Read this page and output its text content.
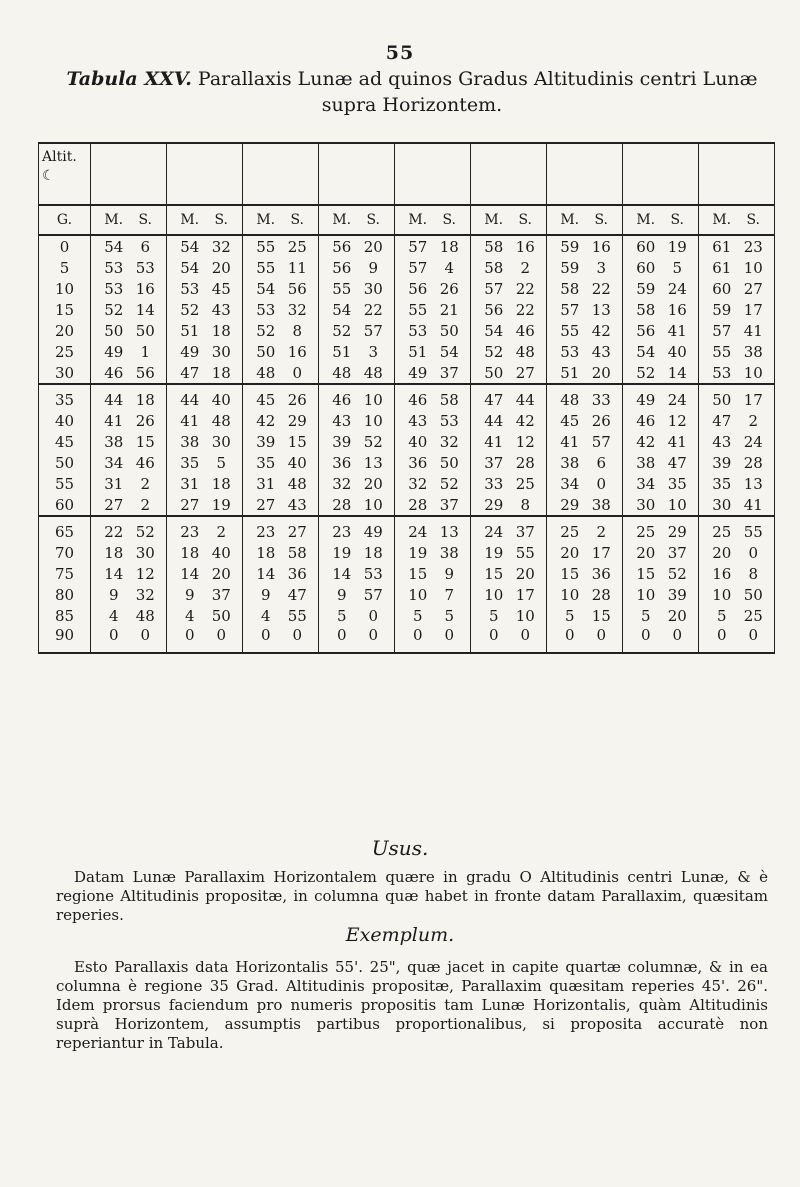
55
Tabula XXV. Parallaxis Lunæ ad quinos Gradus Altitudinis centri Lunæ supra Horizontem.
Altit.
☾																		
G.	M.	S.	M.	S.	M.	S.	M.	S.	M.	S.	M.	S.	M.	S.	M.	S.	M.	S.
0	54	6	54	32	55	25	56	20	57	18	58	16	59	16	60	19	61	23
5	53	53	54	20	55	11	56	9	57	4	58	2	59	3	60	5	61	10
10	53	16	53	45	54	56	55	30	56	26	57	22	58	22	59	24	60	27
15	52	14	52	43	53	32	54	22	55	21	56	22	57	13	58	16	59	17
20	50	50	51	18	52	8	52	57	53	50	54	46	55	42	56	41	57	41
25	49	1	49	30	50	16	51	3	51	54	52	48	53	43	54	40	55	38
30	46	56	47	18	48	0	48	48	49	37	50	27	51	20	52	14	53	10
35	44	18	44	40	45	26	46	10	46	58	47	44	48	33	49	24	50	17
40	41	26	41	48	42	29	43	10	43	53	44	42	45	26	46	12	47	2
45	38	15	38	30	39	15	39	52	40	32	41	12	41	57	42	41	43	24
50	34	46	35	5	35	40	36	13	36	50	37	28	38	6	38	47	39	28
55	31	2	31	18	31	48	32	20	32	52	33	25	34	0	34	35	35	13
60	27	2	27	19	27	43	28	10	28	37	29	8	29	38	30	10	30	41
65	22	52	23	2	23	27	23	49	24	13	24	37	25	2	25	29	25	55
70	18	30	18	40	18	58	19	18	19	38	19	55	20	17	20	37	20	0
75	14	12	14	20	14	36	14	53	15	9	15	20	15	36	15	52	16	8
80	9	32	9	37	9	47	9	57	10	7	10	17	10	28	10	39	10	50
85	4	48	4	50	4	55	5	0	5	5	5	10	5	15	5	20	5	25
90	0	0	0	0	0	0	0	0	0	0	0	0	0	0	0	0	0	0
Usus.
Datam Lunæ Parallaxim Horizontalem quære in gradu O Altitudinis centri Lunæ, & è regione Altitudinis propositæ, in columna quæ habet in fronte datam Parallaxim, quæsitam reperies.
Exemplum.
Esto Parallaxis data Horizontalis 55'. 25", quæ jacet in capite quartæ columnæ, & in ea columna è regione 35 Grad. Altitudinis propositæ, Parallaxim quæsitam reperies 45'. 26". Idem prorsus faciendum pro numeris propositis tam Lunæ Horizontalis, quàm Altitudinis suprà Horizontem, assumptis partibus proportionalibus, si proposita accuratè non reperiantur in Tabula.
